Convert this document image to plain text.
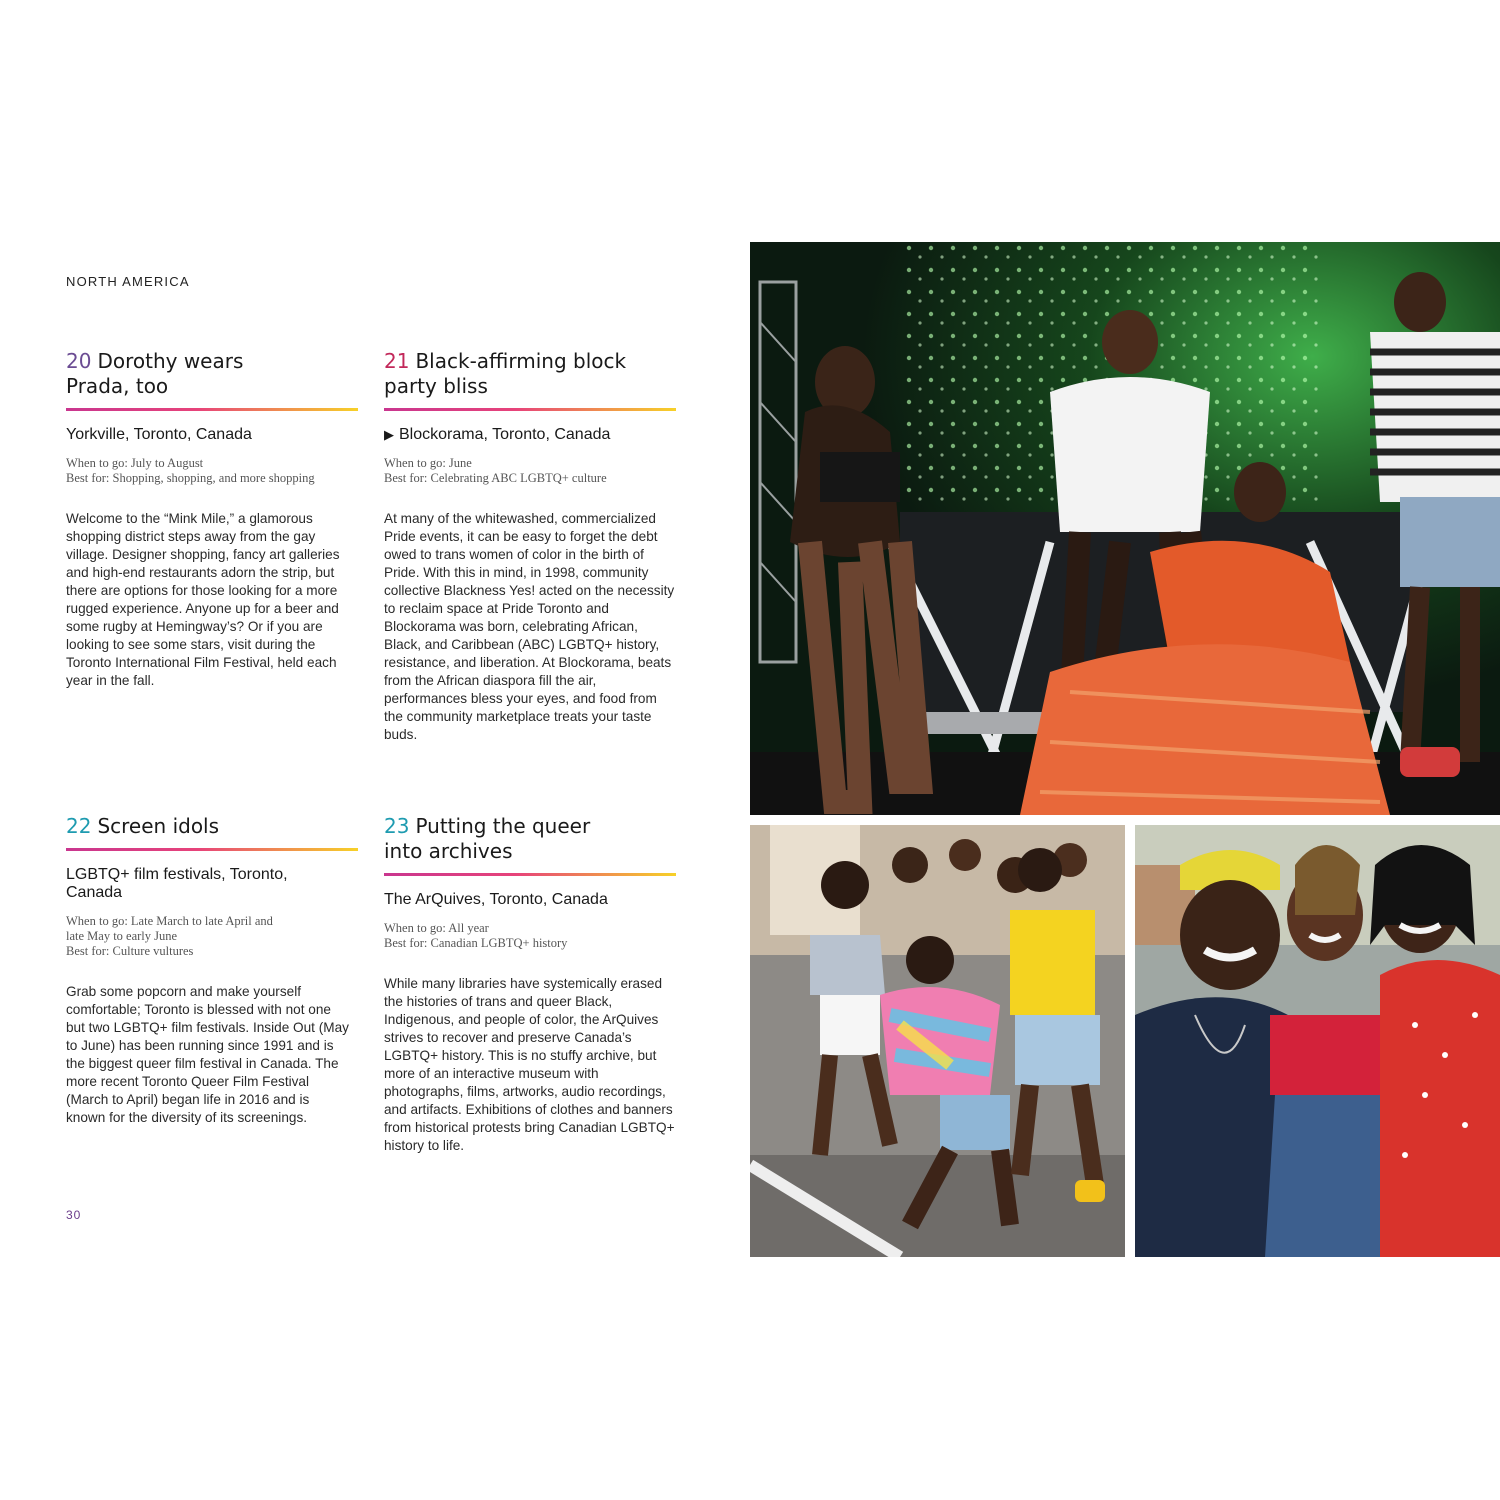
NORTH AMERICA
20 Dorothy wears Prada, too
Yorkville, Toronto, Canada
When to go: July to August
Best for: Shopping, shopping, and more shopping
Welcome to the “Mink Mile,” a glamorous shopping district steps away from the gay village. Designer shopping, fancy art galleries and high-end restaurants adorn the strip, but there are options for those looking for a more rugged experience. Anyone up for a beer and some rugby at Hemingway’s? Or if you are looking to see some stars, visit during the Toronto International Film Festival, held each year in the fall.
21 Black-affirming block party bliss
▶ Blockorama, Toronto, Canada
When to go: June
Best for: Celebrating ABC LGBTQ+ culture
At many of the whitewashed, commercialized Pride events, it can be easy to forget the debt owed to trans women of color in the birth of Pride. With this in mind, in 1998, community collective Blackness Yes! acted on the necessity to reclaim space at Pride Toronto and Blockorama was born, celebrating African, Black, and Caribbean (ABC) LGBTQ+ history, resistance, and liberation. At Blockorama, beats from the African diaspora fill the air, performances bless your eyes, and food from the community marketplace treats your taste buds.
22 Screen idols
LGBTQ+ film festivals, Toronto, Canada
When to go: Late March to late April and late May to early June
Best for: Culture vultures
Grab some popcorn and make yourself comfortable; Toronto is blessed with not one but two LGBTQ+ film festivals. Inside Out (May to June) has been running since 1991 and is the biggest queer film festival in Canada. The more recent Toronto Queer Film Festival (March to April) began life in 2016 and is known for the diversity of its screenings.
23 Putting the queer into archives
The ArQuives, Toronto, Canada
When to go: All year
Best for: Canadian LGBTQ+ history
While many libraries have systemically erased the histories of trans and queer Black, Indigenous, and people of color, the ArQuives strives to recover and preserve Canada’s LGBTQ+ history. This is no stuffy archive, but more of an interactive museum with photographs, films, artworks, audio recordings, and artifacts. Exhibitions of clothes and banners from historical protests bring Canadian LGBTQ+ history to life.
30
